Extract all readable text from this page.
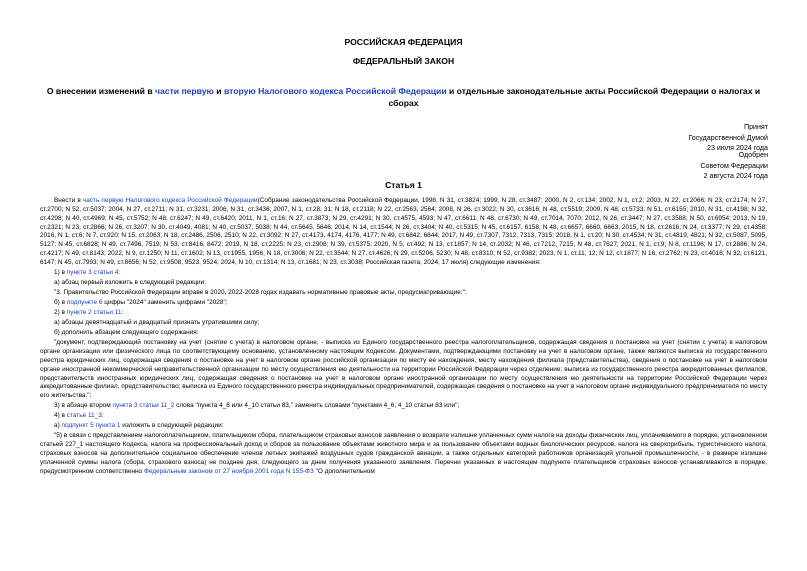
РОССИЙСКАЯ ФЕДЕРАЦИЯ
ФЕДЕРАЛЬНЫЙ ЗАКОН
О внесении изменений в части первую и вторую Налогового кодекса Российской Федерации и отдельные законодательные акты Российской Федерации о налогах и сборах
Принят
Государственной Думой
23 июля 2024 года
Одобрен
Советом Федерации
2 августа 2024 года
Статья 1

Внести в часть первую Налогового кодекса Российской Федерации(Собрание законодательства Российской Федерации, 1998, N 31, ст.3824; 1999, N 28, ст.3487; 2000, N 2, ст.134; 2002, N 1, ст.2; 2003, N 22, ст.2066; N 23, ст.2174; N 27, ст.2700; N 52, ст.5037; 2004, N 27, ст.2711; N 31, ст.3231; 2006, N 31, ст.3436; 2007, N 1, ст.28, 31; N 18, ст.2118; N 22, ст.2563, 2564; 2008, N 26, ст.3022; N 30, ст.3616; N 48, ст.5519; 2009, N 48, ст.5733; N 51, ст.6155; 2010, N 31, ст.4198; N 32, ст.4298; N 40, ст.4969; N 45, ст.5752; N 48, ст.6247; N 49, ст.6420; 2011, N 1, ст.16; N 27, ст.3873; N 29, ст.4291; N 30, ст.4575, 4593; N 47, ст.6611; N 48, ст.6730; N 49, ст.7014, 7070; 2012, N 26, ст.3447; N 27, ст.3588; N 50, ст.6954; 2013, N 19, ст.2321; N 23, ст.2866; N 26, ст.3207; N 30, ст.4049, 4081; N 40, ст.5037, 5038; N 44, ст.5645, 5646; 2014, N 14, ст.1544; N 26, ст.3404; N 40, ст.5315; N 45, ст.6157, 6158; N 48, ст.6657, 6660, 6663; 2015, N 18, ст.2616; N 24, ст.3377; N 29, ст.4358; 2016, N 1, ст.6; N 7, ст.920; N 15, ст.2063; N 18, ст.2486, 2506, 2510; N 22, ст.3092; N 27, ст.4173, 4174, 4176, 4177; N 49, ст.6842, 6844; 2017, N 49, ст.7307, 7312, 7313, 7315; 2018, N 1, ст.20; N 30, ст.4534; N 31, ст.4819, 4821; N 32, ст.5087, 5095, 5127; N 45, ст.6828; N 49, ст.7496, 7519; N 53, ст.8416, 8472; 2019, N 18, ст.2225; N 23, ст.2908; N 39, ст.5375; 2020, N 5, ст.492; N 13, ст.1857; N 14, ст.2032; N 46, ст.7212, 7215; N 48, ст.7627; 2021, N 1, ст.9; N 8, ст.1196; N 17, ст.2886; N 24, ст.4217; N 49, ст.8143; 2022, N 9, ст.1250; N 11, ст.1602; N 13, ст.1955, 1956; N 18, ст.3006; N 22, ст.3544; N 27, ст.4626; N 29, ст.5206, 5230; N 48, ст.8310; N 52, ст.9382; 2023, N 1, ст.11, 12; N 12, ст.1877; N 16, ст.2762; N 23, ст.4016; N 32, ст.6121, 6147; N 45, ст.7993; N 49, ст.8656; N 52, ст.9508, 9523, 9524; 2024, N 10, ст.1314; N 13, ст.1681; N 23, ст.3038; Российская газета, 2024, 17 июля) следующие изменения:

1) в пункте 3 статьи 4:

а) абзац первый изложить в следующей редакции:

"3. Правительство Российской Федерации вправе в 2020, 2022-2028 годах издавать нормативные правовые акты, предусматривающие:";

б) в подпункте 6 цифры "2024" заменить цифрами "2028";

2) в пункте 2 статьи 11:

а) абзацы девятнадцатый и двадцатый признать утратившими силу;

б) дополнить абзацем следующего содержания:

"документ, подтверждающий постановку на учет (снятие с учета) в налоговом органе, - выписка из Единого государственного реестра налогоплательщиков, содержащая сведения о постановке на учет (снятии с учета) в налоговом органе организации или физического лица по соответствующему основанию, установленному настоящим Кодексом. Документами, подтверждающими постановку на учет в налоговом органе, также являются выписка из государственного реестра юридических лиц, содержащая сведения о постановке на учет в налоговом органе российской организации по месту ее нахождения, месту нахождения филиала (представительства), сведения о постановке на учет в налоговом органе иностранной некоммерческой неправительственной организации по месту осуществления ею деятельности на территории Российской Федерации через отделение; выписка из государственного реестра аккредитованных филиалов, представительств иностранных юридических лиц, содержащая сведения о постановке на учет в налоговом органе иностранной организации по месту осуществления ею деятельности на территории Российской Федерации через аккредитованные филиал, представительство; выписка из Единого государственного реестра индивидуальных предпринимателей, содержащая сведения о постановке на учет в налоговом органе индивидуального предпринимателя по месту его жительства.";

3) в абзаце втором пункта 3 статьи 11_2 слова "пункта 4_6 или 4_10 статьи 83," заменить словами "пунктами 4_6, 4_10 статьи 83 или";

4) в статье 11_3:

а) подпункт 5 пункта 1 изложить в следующей редакции:

"5) в связи с представлением налогоплательщиком, плательщиком сбора, плательщиком страховых взносов заявления о возврате излишне уплаченных сумм налога на доходы физических лиц, уплачиваемого в порядке, установленном статьей 227_1 настоящего Кодекса, налога на профессиональный доход и сборов за пользование объектами животного мира и за пользование объектами водных биологических ресурсов, налога на сверхприбыль, туристического налога, страховых взносов на дополнительное социальное обеспечение членов летных экипажей воздушных судов гражданской авиации, а также отдельных категорий работников организаций угольной промышленности, - в размере излишне уплаченной суммы налога (сбора, страхового взноса) не позднее дня, следующего за днем получения указанного заявления. Перечни указанных в настоящем подпункте плательщиков страховых взносов устанавливаются в порядке, предусмотренном соответственно Федеральным законом от 27 ноября 2001 года N 155-ФЗ "О дополнительном
